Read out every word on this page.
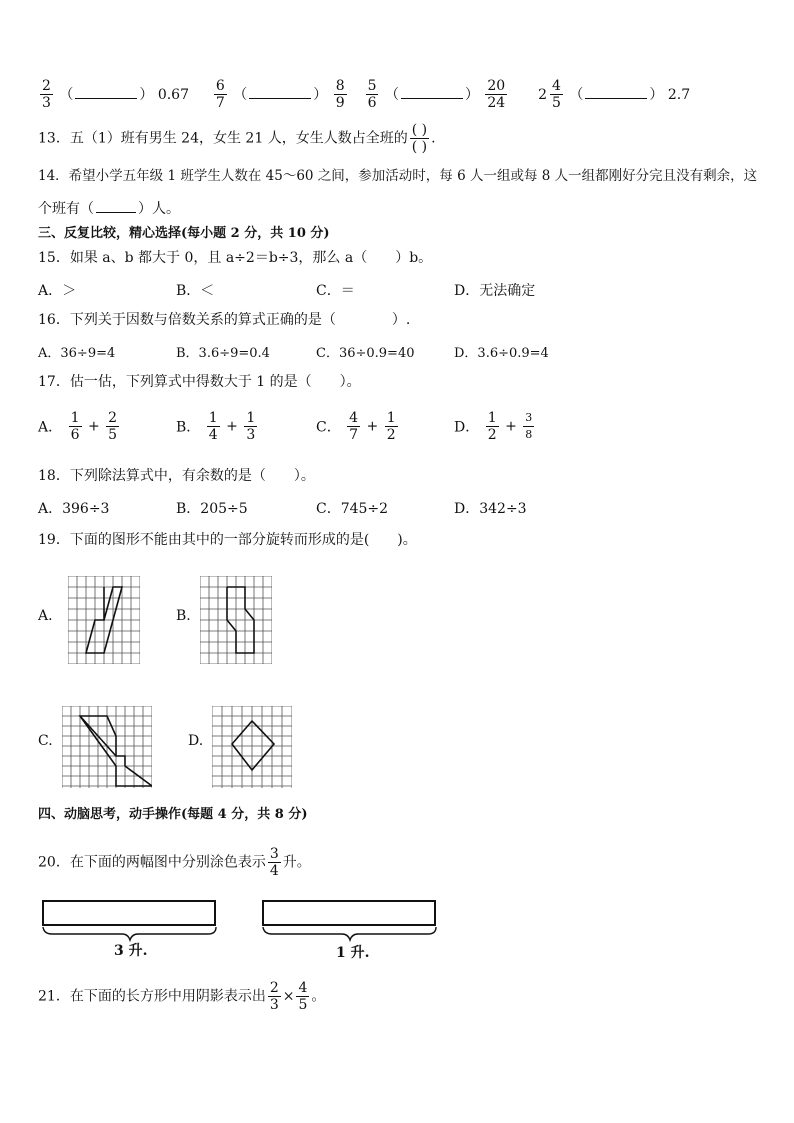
$\frac{2}{3}$ （	） $0.67 \frac{6}{7}$ （	） $\frac{8}{9}$
$\frac{5}{6}$ （	） $\frac{20}{24}$
$2 \frac{4}{5}$ （	） 2.7
13．五（1）班有男生 24，女生 21 人，女生人数占全班的 $\frac{( )}{( )}$ .
14．希望小学五年级 1 班学生人数在 45～60 之间，参加活动时，每 6 人一组或每 8 人一组都刚好分完且没有剩余，这
个班有（	）人。
三、反复比较，精心选择(每小题 2 分，共 10 分)
15．如果 a、b 都大于 0，且 a÷2＝b÷3，那么 a（　　）b。
A．＞	B．＜	C．＝	D．无法确定
16．下列关于因数与倍数关系的算式正确的是（　　　　）.
A．36÷9=4	B．3.6÷9=0.4	C．36÷0.9=40	D．3.6÷0.9=4
17．估一估，下列算式中得数大于 1 的是（　　）。
A． $\frac{1}{6} + \frac{2}{5}$	B． $\frac{1}{4} + \frac{1}{3}$	C． $\frac{4}{7} + \frac{1}{2}$	D． $\frac{1}{2} + \frac{3}{8}$
18．下列除法算式中，有余数的是（　　）。
A．396÷3	B．205÷5	C．745÷2	D．342÷3
19．下面的图形不能由其中的一部分旋转而形成的是(　　)。
A.	B.
C.	D.
四、动脑思考，动手操作(每题 4 分，共 8 分)
20．在下面的两幅图中分别涂色表示 $\frac{3}{4}$ 升。
3 升.	1 升.
21．在下面的长方形中用阴影表示出 $\frac{2}{3} \times \frac{4}{5}$ 。
